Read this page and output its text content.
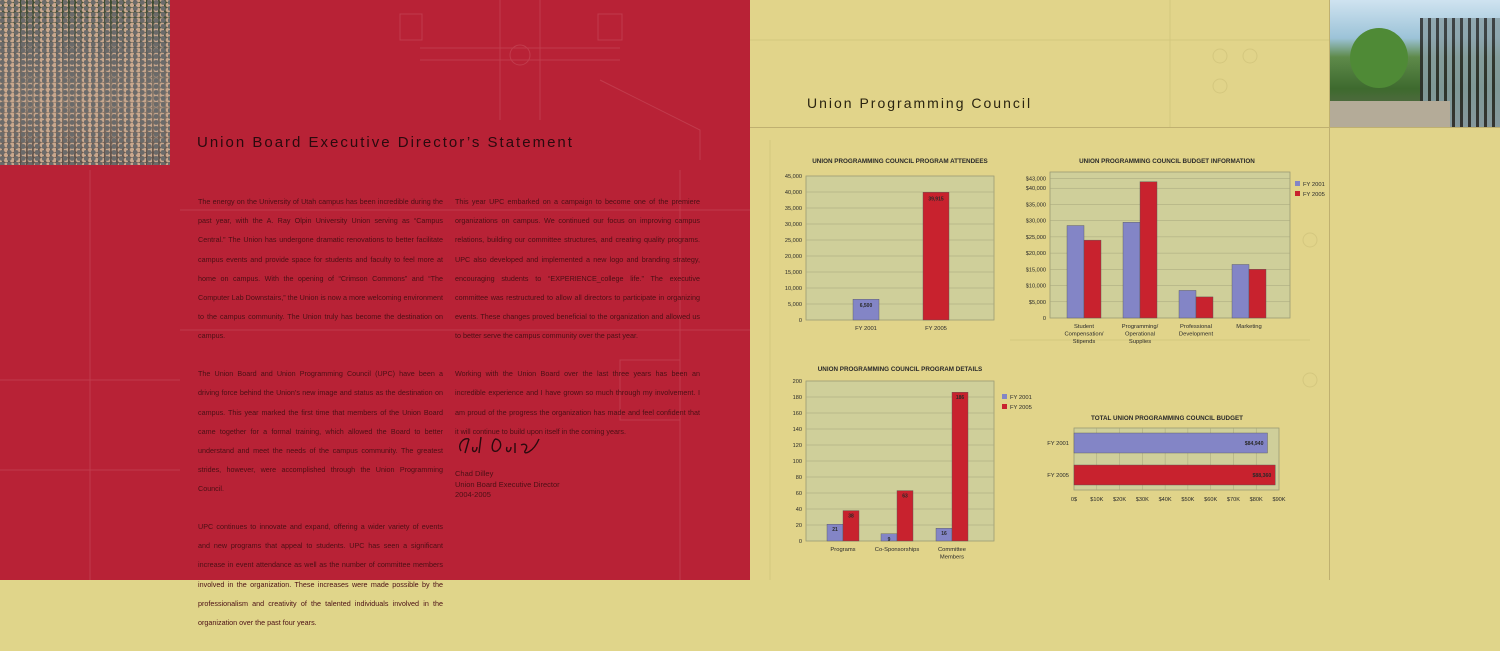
Union Board Executive Director’s Statement

The energy on the University of Utah campus has been incredible during the past year, with the A. Ray Olpin University Union serving as “Campus Central.” The Union has undergone dramatic renovations to better facilitate campus events and provide space for students and faculty to feel more at home on campus. With the opening of “Crimson Commons” and “The Computer Lab Downstairs,” the Union is now a more welcoming environment to the campus community. The Union truly has become the destination on campus.

The Union Board and Union Programming Council (UPC) have been a driving force behind the Union’s new image and status as the destination on campus. This year marked the first time that members of the Union Board came together for a formal training, which allowed the Board to better understand and meet the needs of the campus community. The greatest strides, however, were accomplished through the Union Programming Council.

UPC continues to innovate and expand, offering a wider variety of events and new programs that appeal to students. UPC has seen a significant increase in event attendance as well as the number of committee members involved in the organization. These increases were made possible by the professionalism and creativity of the talented individuals involved in the organization over the past four years.

This year UPC embarked on a campaign to become one of the premiere organizations on campus. We continued our focus on improving campus relations, building our committee structures, and creating quality programs. UPC also developed and implemented a new logo and branding strategy, encouraging students to “EXPERIENCE_college life.” The executive committee was restructured to allow all directors to participate in organizing events. These changes proved beneficial to the organization and allowed us to better serve the campus community over the past year.

Working with the Union Board over the last three years has been an incredible experience and I have grown so much through my involvement. I am proud of the progress the organization has made and feel confident that it will continue to build upon itself in the coming years.

Chad Dilley
Union Board Executive Director
2004-2005
Union Programming Council
UNION PROGRAMMING COUNCIL PROGRAM ATTENDEES
0
5,000
10,000
15,000
20,000
25,000
30,000
35,000
40,000
45,000
6,500
FY 2001
39,915
FY 2005
UNION PROGRAMMING COUNCIL BUDGET INFORMATION
0
$5,000
$10,000
$15,000
$20,000
$25,000
$30,000
$35,000
$40,000
$43,000
Student
Compensation/
Stipends
Programming/
Operational
Supplies
Professional
Development
Marketing
FY 2001
FY 2005
UNION PROGRAMMING COUNCIL PROGRAM DETAILS
0
20
40
60
80
100
120
140
160
180
200
21
38
Programs
9
63
Co-Sponsorships
16
186
Committee
Members
FY 2001
FY 2005
TOTAL UNION PROGRAMMING COUNCIL BUDGET
0$ $10K $20K $30K $40K $50K $60K $70K $80K $90K
$84,940
FY 2001
$88,360
FY 2005
